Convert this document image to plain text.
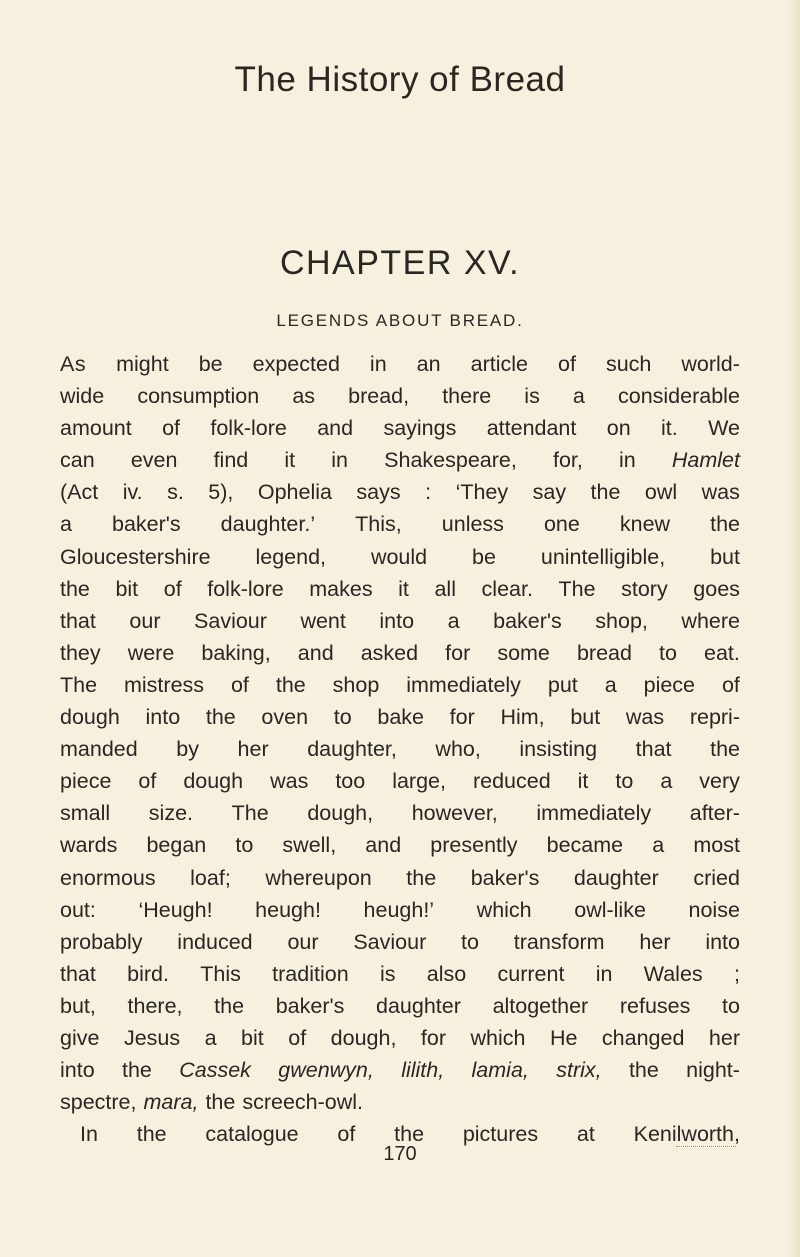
The History of Bread
CHAPTER XV.
LEGENDS ABOUT BREAD.
As might be expected in an article of such world-
wide consumption as bread, there is a considerable
amount of folk-lore and sayings attendant on it. We
can even find it in Shakespeare, for, in Hamlet
(Act iv. s. 5), Ophelia says : ‘They say the owl was
a baker's daughter.’ This, unless one knew the
Gloucestershire legend, would be unintelligible, but
the bit of folk-lore makes it all clear. The story goes
that our Saviour went into a baker's shop, where
they were baking, and asked for some bread to eat.
The mistress of the shop immediately put a piece of
dough into the oven to bake for Him, but was repri-
manded by her daughter, who, insisting that the
piece of dough was too large, reduced it to a very
small size. The dough, however, immediately after-
wards began to swell, and presently became a most
enormous loaf; whereupon the baker's daughter cried
out: ‘Heugh! heugh! heugh!’ which owl-like noise
probably induced our Saviour to transform her into
that bird. This tradition is also current in Wales ;
but, there, the baker's daughter altogether refuses to
give Jesus a bit of dough, for which He changed her
into the Cassek gwenwyn, lilith, lamia, strix, the night-
spectre, mara, the screech-owl.
In the catalogue of the pictures at Kenilworth,
170
